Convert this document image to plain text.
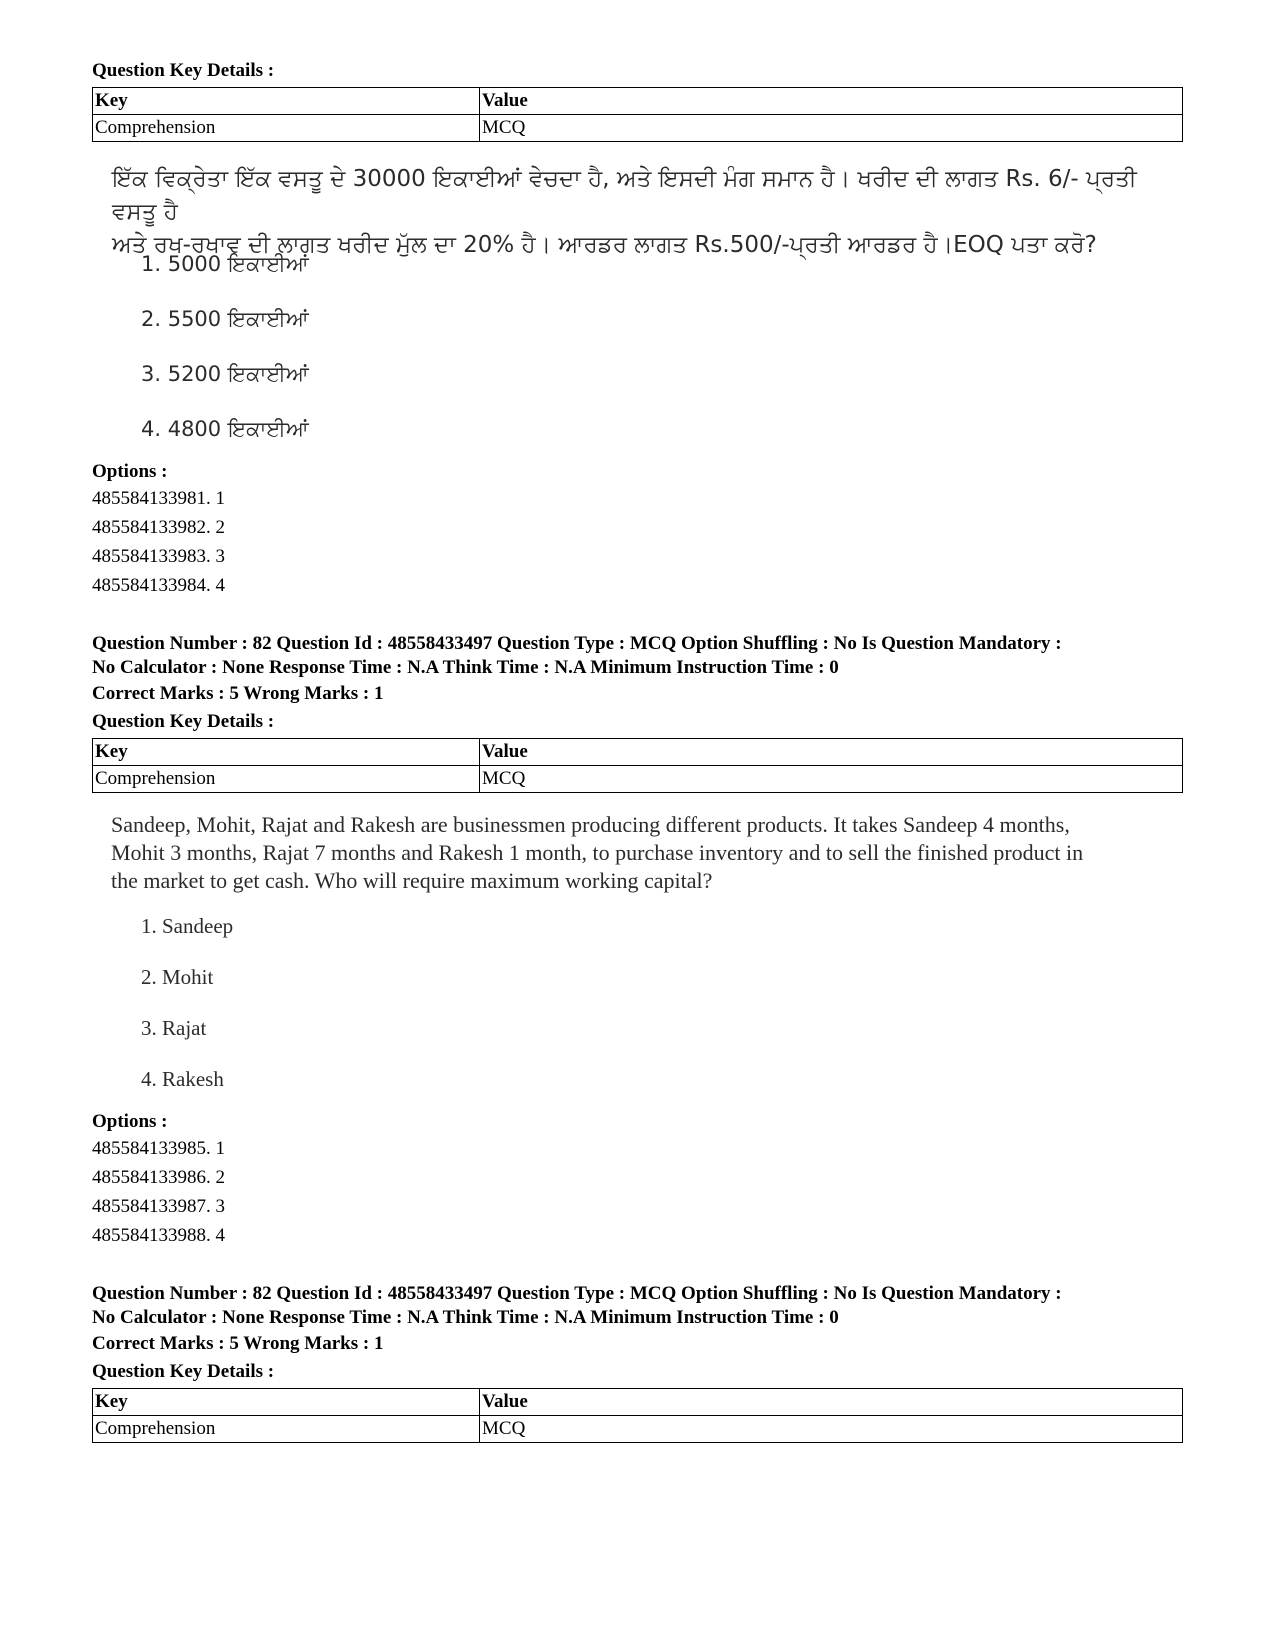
Question Key Details :
Key	Value
Comprehension	MCQ
ਇੱਕ ਵਿਕ੍ਰੇਤਾ ਇੱਕ ਵਸਤੂ ਦੇ 30000 ਇਕਾਈਆਂ ਵੇਚਦਾ ਹੈ, ਅਤੇ ਇਸਦੀ ਮੰਗ ਸਮਾਨ ਹੈ। ਖਰੀਦ ਦੀ ਲਾਗਤ Rs. 6/- ਪ੍ਰਤੀ ਵਸਤੂ ਹੈ
ਅਤੇ ਰਖ-ਰਖਾਵ ਦੀ ਲਾਗਤ ਖਰੀਦ ਮੁੱਲ ਦਾ 20% ਹੈ। ਆਰਡਰ ਲਾਗਤ Rs.500/-ਪ੍ਰਤੀ ਆਰਡਰ ਹੈ।EOQ ਪਤਾ ਕਰੋ?
1. 5000 ਇਕਾਈਆਂ
2. 5500 ਇਕਾਈਆਂ
3. 5200 ਇਕਾਈਆਂ
4. 4800 ਇਕਾਈਆਂ
Options :
485584133981. 1
485584133982. 2
485584133983. 3
485584133984. 4
Question Number : 82 Question Id : 48558433497 Question Type : MCQ Option Shuffling : No Is Question Mandatory :
No Calculator : None Response Time : N.A Think Time : N.A Minimum Instruction Time : 0
Correct Marks : 5 Wrong Marks : 1
Question Key Details :
Key	Value
Comprehension	MCQ
Sandeep, Mohit, Rajat and Rakesh are businessmen producing different products. It takes Sandeep 4 months,
Mohit 3 months, Rajat 7 months and Rakesh 1 month, to purchase inventory and to sell the finished product in
the market to get cash. Who will require maximum working capital?
1. Sandeep
2. Mohit
3. Rajat
4. Rakesh
Options :
485584133985. 1
485584133986. 2
485584133987. 3
485584133988. 4
Question Number : 82 Question Id : 48558433497 Question Type : MCQ Option Shuffling : No Is Question Mandatory :
No Calculator : None Response Time : N.A Think Time : N.A Minimum Instruction Time : 0
Correct Marks : 5 Wrong Marks : 1
Question Key Details :
Key	Value
Comprehension	MCQ
